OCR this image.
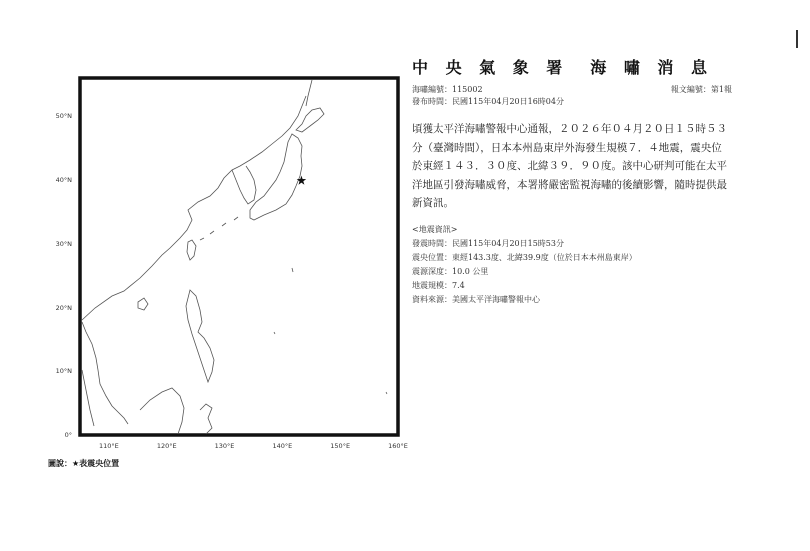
50°N
40°N
30°N
20°N
10°N
0°
110°E	120°E	130°E	140°E	150°E	160°E
圖說：★表震央位置
中 央 氣 象 署　海 嘯 消 息
海嘯編號：115002	報文編號：第1報
發布時間：民國115年04月20日16時04分
頃獲太平洋海嘯警報中心通報，２０２６年０４月２０日１５時５３分（臺灣時間），日本本州島東岸外海發生規模７．４地震，震央位於東經１４３．３０度、北緯３９．９０度。該中心研判可能在太平洋地區引發海嘯威脅，本署將嚴密監視海嘯的後續影響，隨時提供最新資訊。
<地震資訊>
發震時間：民國115年04月20日15時53分
震央位置：東經143.3度、北緯39.9度（位於日本本州島東岸）
震源深度：10.0 公里
地震規模：7.4
資料來源：美國太平洋海嘯警報中心
